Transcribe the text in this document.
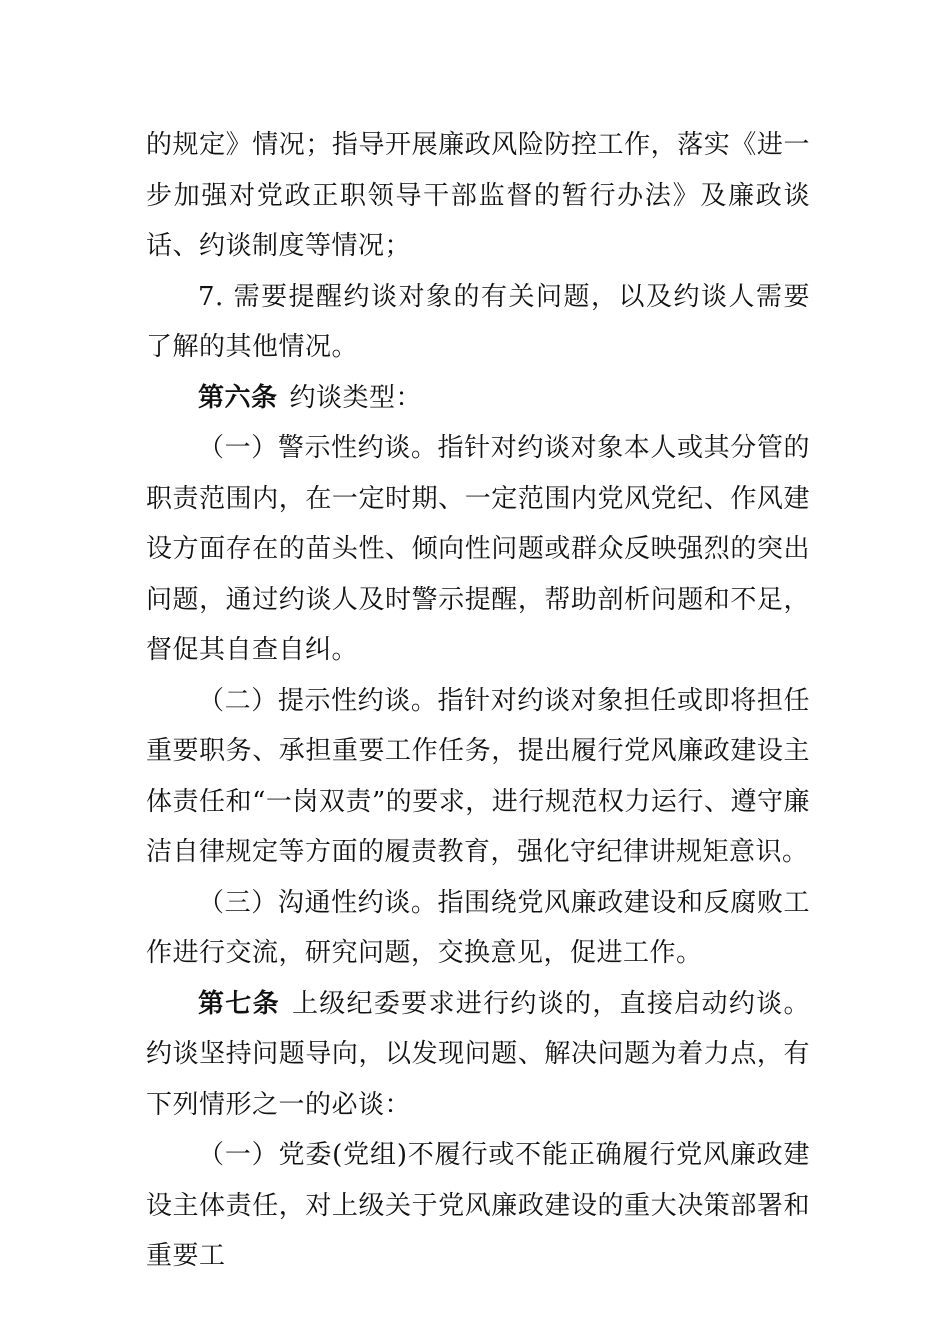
的规定》情况；指导开展廉政风险防控工作，落实《进一步加强对党政正职领导干部监督的暂行办法》及廉政谈话、约谈制度等情况；

7. 需要提醒约谈对象的有关问题，以及约谈人需要了解的其他情况。

第六条 约谈类型：

（一）警示性约谈。指针对约谈对象本人或其分管的职责范围内，在一定时期、一定范围内党风党纪、作风建设方面存在的苗头性、倾向性问题或群众反映强烈的突出问题，通过约谈人及时警示提醒，帮助剖析问题和不足，督促其自查自纠。

（二）提示性约谈。指针对约谈对象担任或即将担任重要职务、承担重要工作任务，提出履行党风廉政建设主体责任和“一岗双责”的要求，进行规范权力运行、遵守廉洁自律规定等方面的履责教育，强化守纪律讲规矩意识。

（三）沟通性约谈。指围绕党风廉政建设和反腐败工作进行交流，研究问题，交换意见，促进工作。

第七条 上级纪委要求进行约谈的，直接启动约谈。约谈坚持问题导向，以发现问题、解决问题为着力点，有下列情形之一的必谈：

（一）党委(党组)不履行或不能正确履行党风廉政建设主体责任，对上级关于党风廉政建设的重大决策部署和重要工
